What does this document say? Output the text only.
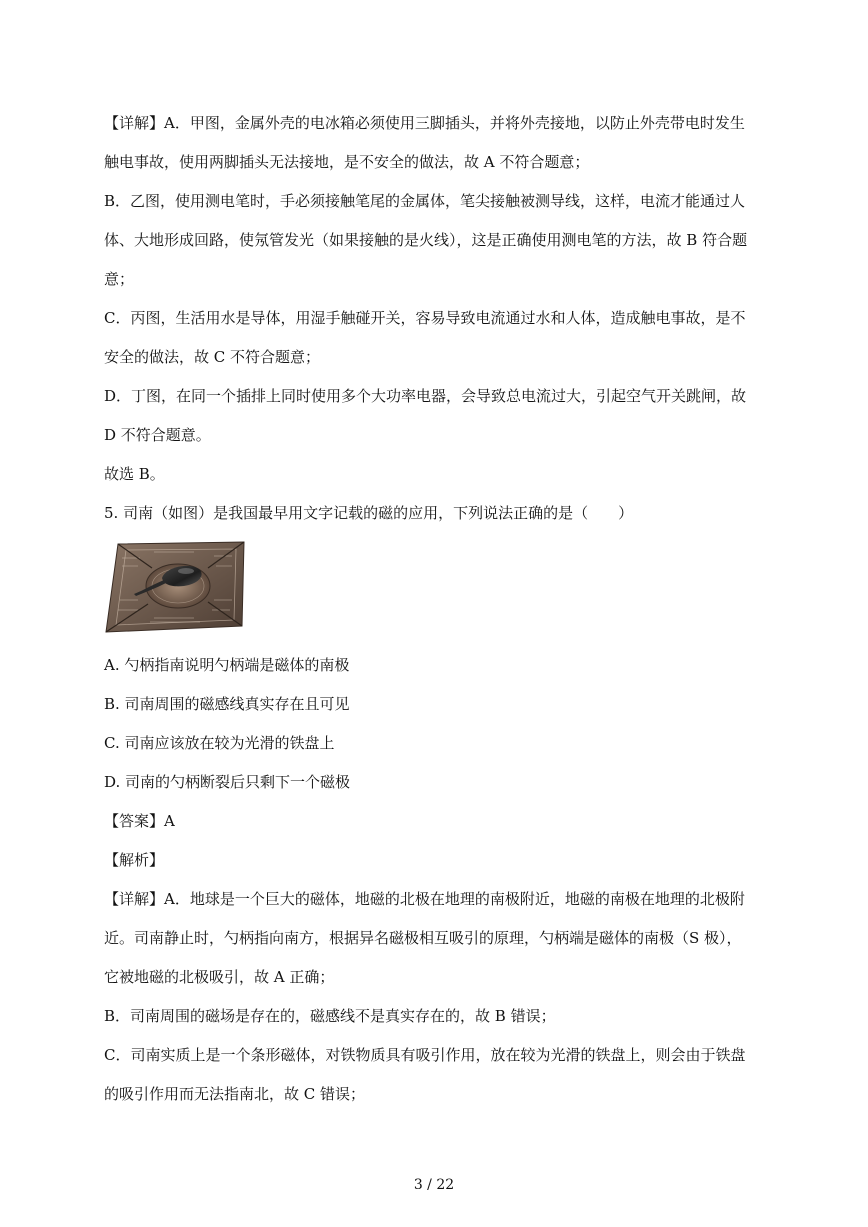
【详解】A．甲图，金属外壳的电冰箱必须使用三脚插头，并将外壳接地，以防止外壳带电时发生
触电事故，使用两脚插头无法接地，是不安全的做法，故 A 不符合题意；
B．乙图，使用测电笔时，手必须接触笔尾的金属体，笔尖接触被测导线，这样，电流才能通过人
体、大地形成回路，使氖管发光（如果接触的是火线），这是正确使用测电笔的方法，故 B 符合题
意；
C．丙图，生活用水是导体，用湿手触碰开关，容易导致电流通过水和人体，造成触电事故，是不
安全的做法，故 C 不符合题意；
D．丁图，在同一个插排上同时使用多个大功率电器，会导致总电流过大，引起空气开关跳闸，故
D 不符合题意。
故选 B。
5. 司南（如图）是我国最早用文字记载的磁的应用，下列说法正确的是（　　）
A. 勺柄指南说明勺柄端是磁体的南极
B. 司南周围的磁感线真实存在且可见
C. 司南应该放在较为光滑的铁盘上
D. 司南的勺柄断裂后只剩下一个磁极
【答案】A
【解析】
【详解】A．地球是一个巨大的磁体，地磁的北极在地理的南极附近，地磁的南极在地理的北极附
近。司南静止时，勺柄指向南方，根据异名磁极相互吸引的原理，勺柄端是磁体的南极（S 极），
它被地磁的北极吸引，故 A 正确；
B．司南周围的磁场是存在的，磁感线不是真实存在的，故 B 错误；
C．司南实质上是一个条形磁体，对铁物质具有吸引作用，放在较为光滑的铁盘上，则会由于铁盘
的吸引作用而无法指南北，故 C 错误；
3 / 22
